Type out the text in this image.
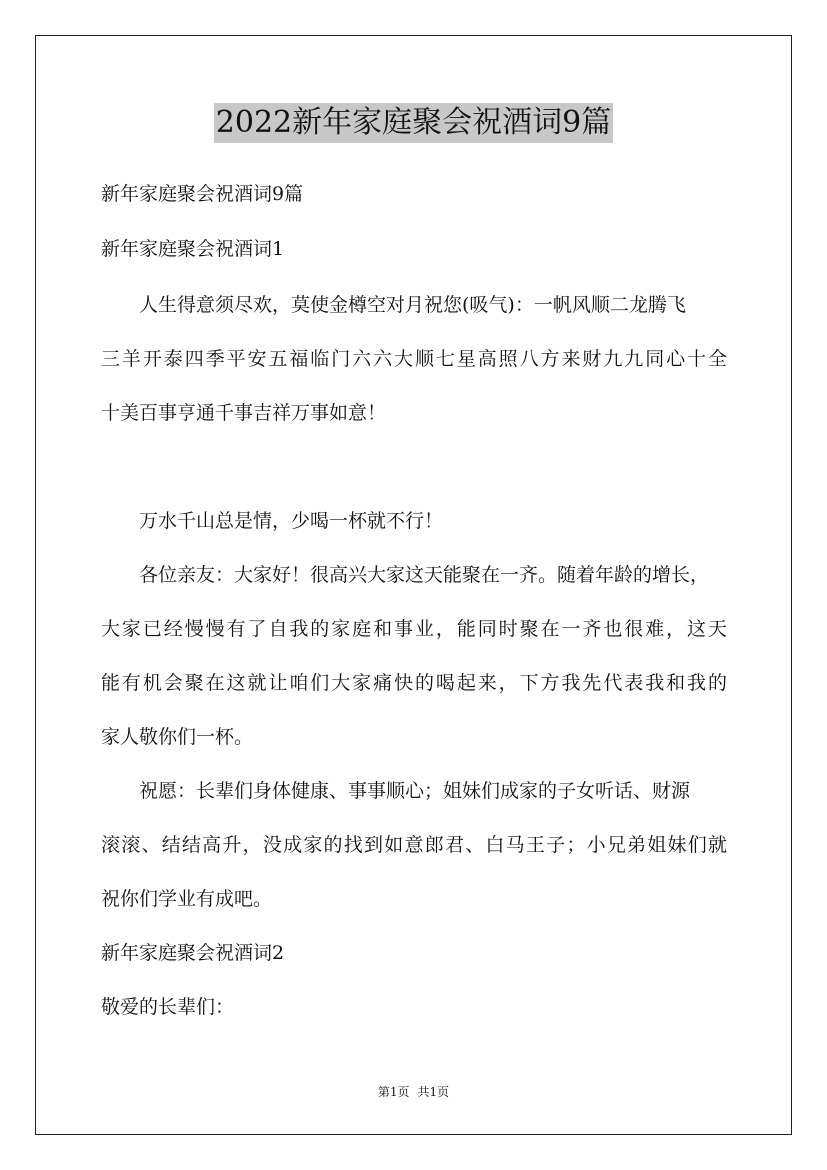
2022新年家庭聚会祝酒词9篇
新年家庭聚会祝酒词9篇
新年家庭聚会祝酒词1
人生得意须尽欢，莫使金樽空对月祝您(吸气)：一帆风顺二龙腾飞
三羊开泰四季平安五福临门六六大顺七星高照八方来财九九同心十全
十美百事亨通千事吉祥万事如意！
万水千山总是情，少喝一杯就不行！
各位亲友：大家好！很高兴大家这天能聚在一齐。随着年龄的增长，
大家已经慢慢有了自我的家庭和事业，能同时聚在一齐也很难，这天
能有机会聚在这就让咱们大家痛快的喝起来，下方我先代表我和我的
家人敬你们一杯。
祝愿：长辈们身体健康、事事顺心；姐妹们成家的子女听话、财源
滚滚、结结高升，没成家的找到如意郎君、白马王子；小兄弟姐妹们就
祝你们学业有成吧。
新年家庭聚会祝酒词2
敬爱的长辈们：
第1页 共1页
